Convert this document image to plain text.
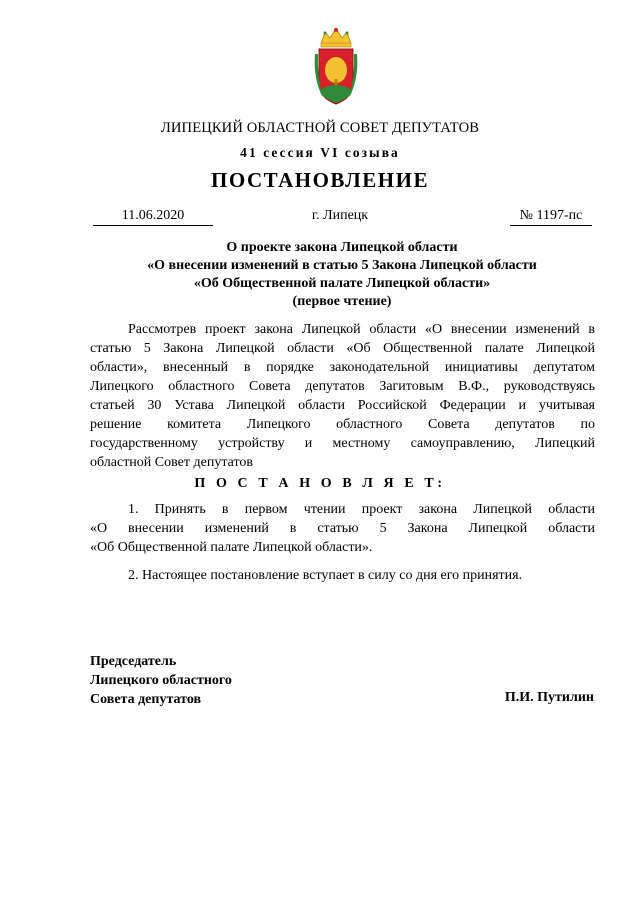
ЛИПЕЦКИЙ ОБЛАСТНОЙ СОВЕТ ДЕПУТАТОВ
41 сессия VI созыва
ПОСТАНОВЛЕНИЕ
11.06.2020	г. Липецк	№ 1197-пс
О проекте закона Липецкой области
«О внесении изменений в статью 5 Закона Липецкой области
«Об Общественной палате Липецкой области»
(первое чтение)
Рассмотрев проект закона Липецкой области «О внесении изменений в
статью 5 Закона Липецкой области «Об Общественной палате Липецкой
области», внесенный в порядке законодательной инициативы депутатом
Липецкого областного Совета депутатов Загитовым В.Ф., руководствуясь
статьей 30 Устава Липецкой области Российской Федерации и учитывая
решение комитета Липецкого областного Совета депутатов по
государственному устройству и местному самоуправлению, Липецкий
областной Совет депутатов
П О С Т А Н О В Л Я Е Т:
1. Принять в первом чтении проект закона Липецкой области
«О внесении изменений в статью 5 Закона Липецкой области
«Об Общественной палате Липецкой области».
2. Настоящее постановление вступает в силу со дня его принятия.
Председатель
Липецкого областного
Совета депутатов	П.И. Путилин
